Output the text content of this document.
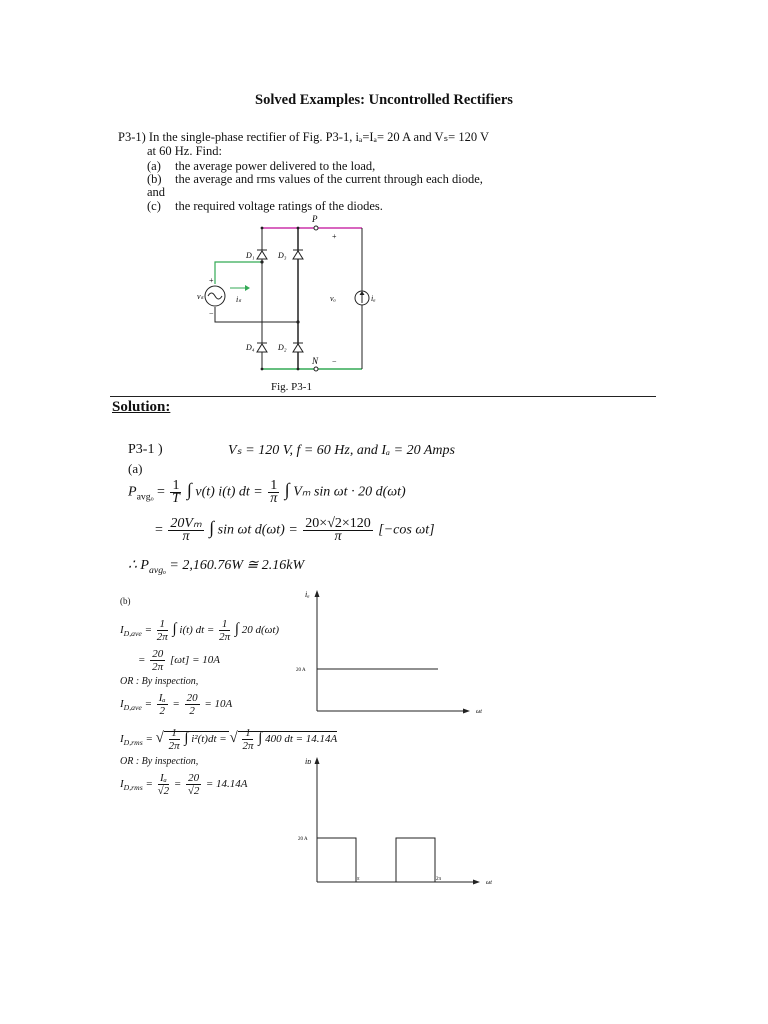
Solved Examples: Uncontrolled Rectifiers
P3-1) In the single-phase rectifier of Fig. P3-1, iₐ=Iₐ= 20 A and Vₛ= 120 V
at 60 Hz. Find:
(a) the average power delivered to the load,
(b) the average and rms values of the current through each diode,
and
(c) the required voltage ratings of the diodes.
P
N
+
−
D₁	D₃
D₄	D₂
vₛ	iₛ	vₐ	iₐ
+
−
Fig. P3-1
Solution:
P3-1 )	Vₛ = 120 V, f = 60 Hz, and Iₐ = 20 Amps
(a)
$P_{avg_o} = \frac{1}{T}$ ∫ v(t) i(t) dt = $\frac{1}{\pi}$ ∫ Vₘ sin ωt · 20 d(ωt)
= $\frac{\text{20Vₘ}}{\pi}$ ∫ sin ωt $d(\omega t) = \frac{20\times√2\times 120}{\pi} [-\cos$ ωt]
∴ $P_{avg_o} = 2,160.76W$ ≅ 2.16kW
(b)
$I_{D,ave} = \frac{1}{2\pi}$ ∫ i(t) dt = $\frac{1}{2\pi}$ ∫ 20 d(ωt)
= $\frac{20}{2\pi} [\omega t] = 10A$
OR : By inspection,
$I_{D,ave} = \frac{\text{Iₐ}}{2} = \frac{20}{2} = 10A$
$I_{D,rms}$ = √ $\frac{1}{2\pi}$ ∫ i²(t)dt = √ $\frac{1}{2\pi}$ ∫ 400 dt = 14.14A
OR : By inspection,
$I_{D,rms} = \frac{\text{Iₐ}}{√2} = \frac{20}{√2} = 14.14A$
iₐ
ωt
20 A
iᴅ
ωt
20 A
π	2π
